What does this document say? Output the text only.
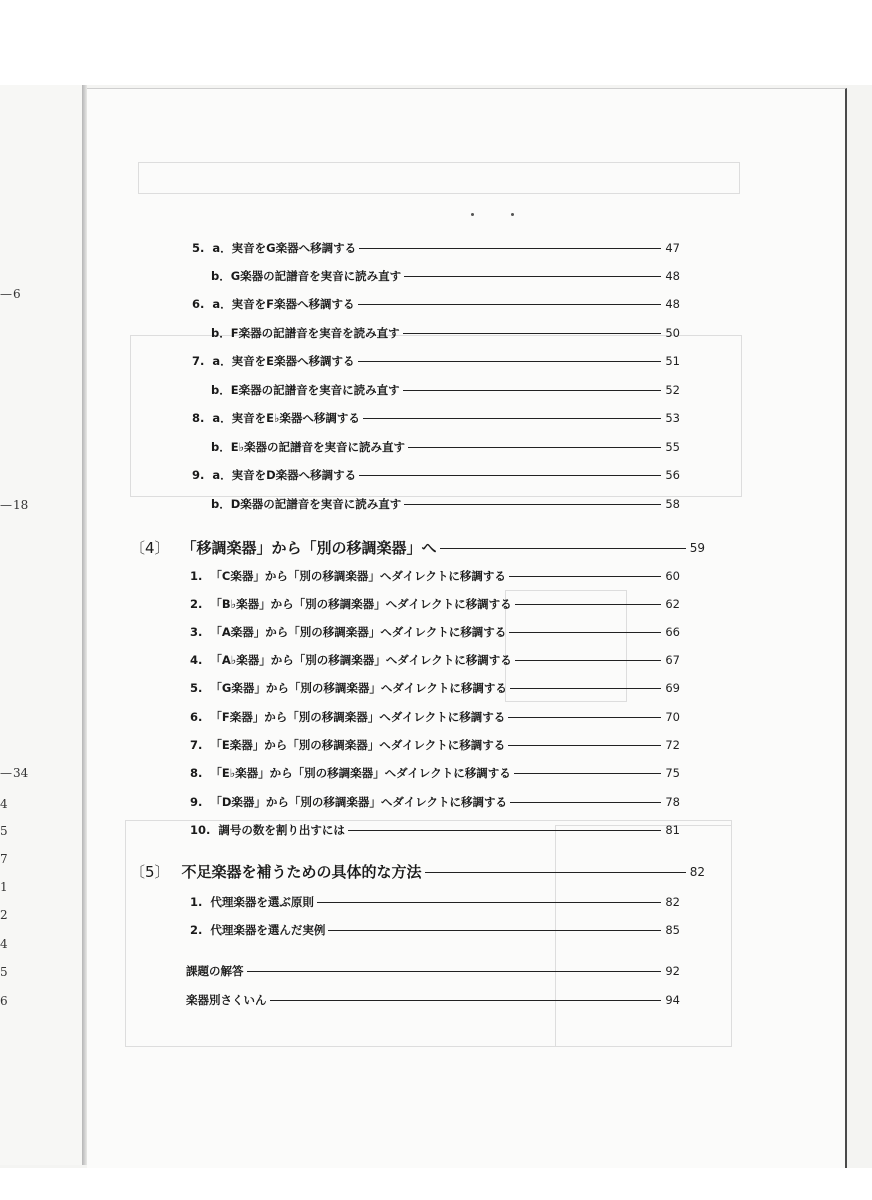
— 6
— 18
— 34
4
5
7
1
2
4
5
6
5. a．実音をG楽器へ移調する	47
b．G楽器の記譜音を実音に読み直す	48
6. a．実音をF楽器へ移調する	48
b．F楽器の記譜音を実音を読み直す	50
7. a．実音をE楽器へ移調する	51
b．E楽器の記譜音を実音に読み直す	52
8. a．実音をE♭楽器へ移調する	53
b．E♭楽器の記譜音を実音に読み直す	55
9. a．実音をD楽器へ移調する	56
b．D楽器の記譜音を実音に読み直す	58
〔4〕 「移調楽器」から「別の移調楽器」へ	59
1. 「C楽器」から「別の移調楽器」へダイレクトに移調する	60
2. 「B♭楽器」から「別の移調楽器」へダイレクトに移調する	62
3. 「A楽器」から「別の移調楽器」へダイレクトに移調する	66
4. 「A♭楽器」から「別の移調楽器」へダイレクトに移調する	67
5. 「G楽器」から「別の移調楽器」へダイレクトに移調する	69
6. 「F楽器」から「別の移調楽器」へダイレクトに移調する	70
7. 「E楽器」から「別の移調楽器」へダイレクトに移調する	72
8. 「E♭楽器」から「別の移調楽器」へダイレクトに移調する	75
9. 「D楽器」から「別の移調楽器」へダイレクトに移調する	78
10. 調号の数を割り出すには	81
〔5〕 不足楽器を補うための具体的な方法	82
1. 代理楽器を選ぶ原則	82
2. 代理楽器を選んだ実例	85
課題の解答	92
楽器別さくいん	94
